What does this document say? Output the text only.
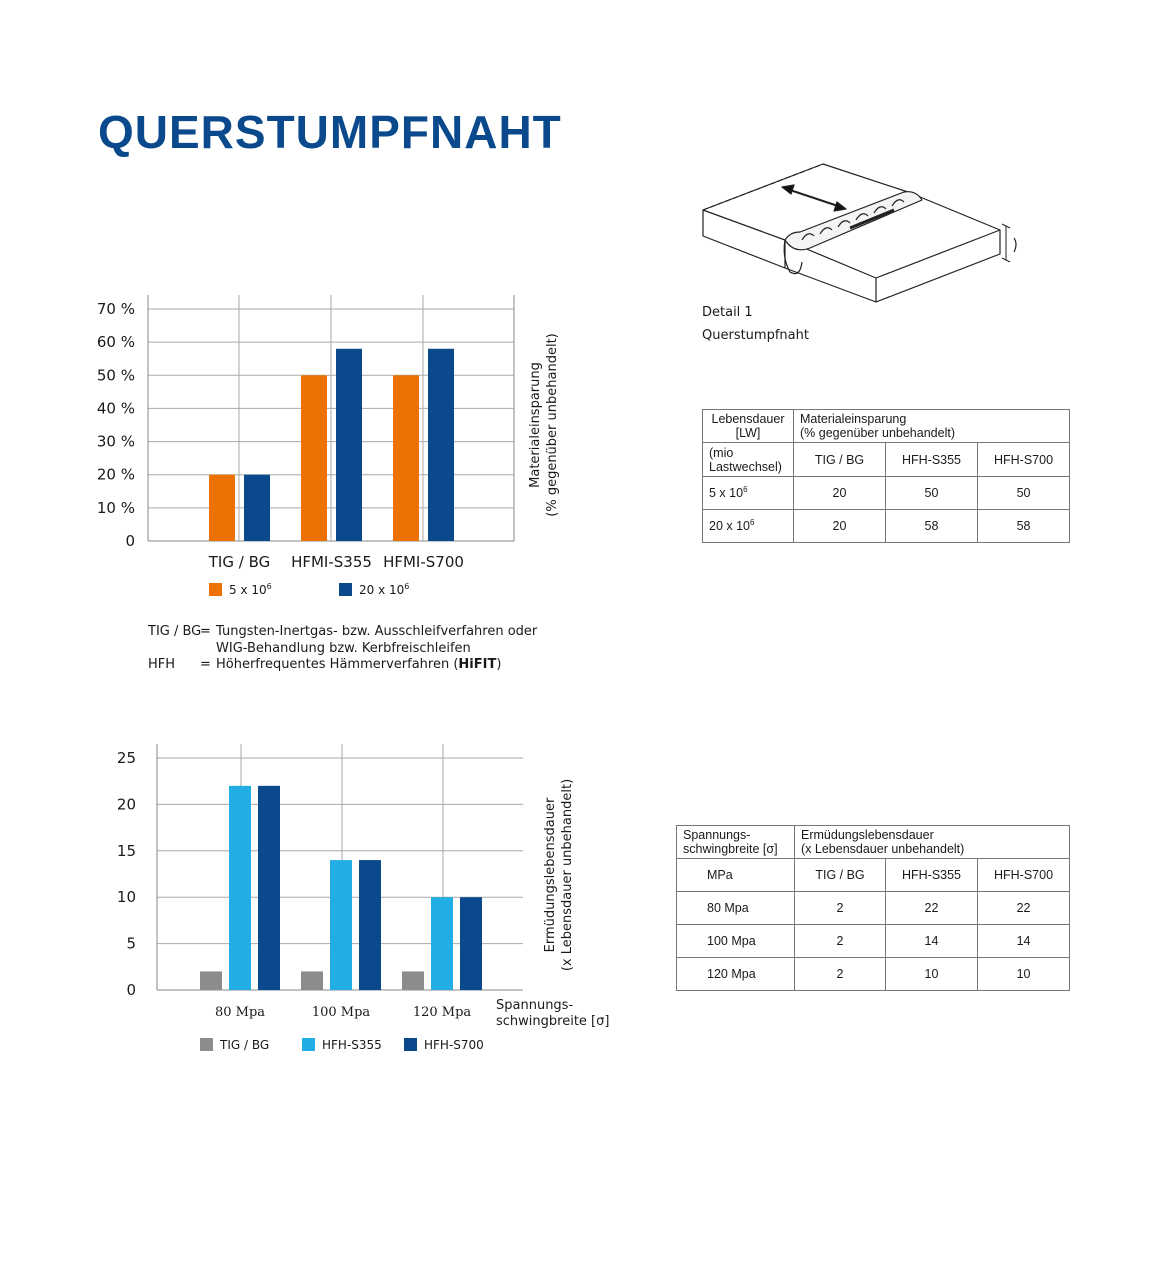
QUERSTUMPFNAHT
0
10 %
20 %
30 %
40 %
50 %
60 %
70 %
TIG / BG HFMI-S355 HFMI-S700
Materialeinsparung (% gegenüber unbehandelt)
5 x $10^6$	20 x $10^6$
TIG / BG
= Tungsten-Inertgas- bzw. Ausschleifverfahren oder
WIG-Behandlung bzw. Kerbfreischleifen
HFH	= Höherfrequentes Hämmerverfahren (HiFIT)
Detail 1
Querstumpfnaht
Lebensdauer
[LW]	Materialeinsparung
(% gegenüber unbehandelt)		
(mio
Lastwechsel)	TIG / BG	HFH-S355	HFH-S700
5 x $10^6$	20	50	50
20 x $10^6$	20	58	58
Spannungs-
schwingbreite [σ]	Ermüdungslebensdauer
(x Lebensdauer unbehandelt)		
MPa	TIG / BG	HFH-S355	HFH-S700
80 Mpa	2	22	22
100 Mpa	2	14	14
120 Mpa	2	10	10
0
5
10
15
20
25
80 Mpa	100 Mpa	120 Mpa
Ermüdungslebensdauer (x Lebensdauer unbehandelt)
Spannungs-
schwingbreite [σ]
TIG / BG	HFH-S355	HFH-S700
